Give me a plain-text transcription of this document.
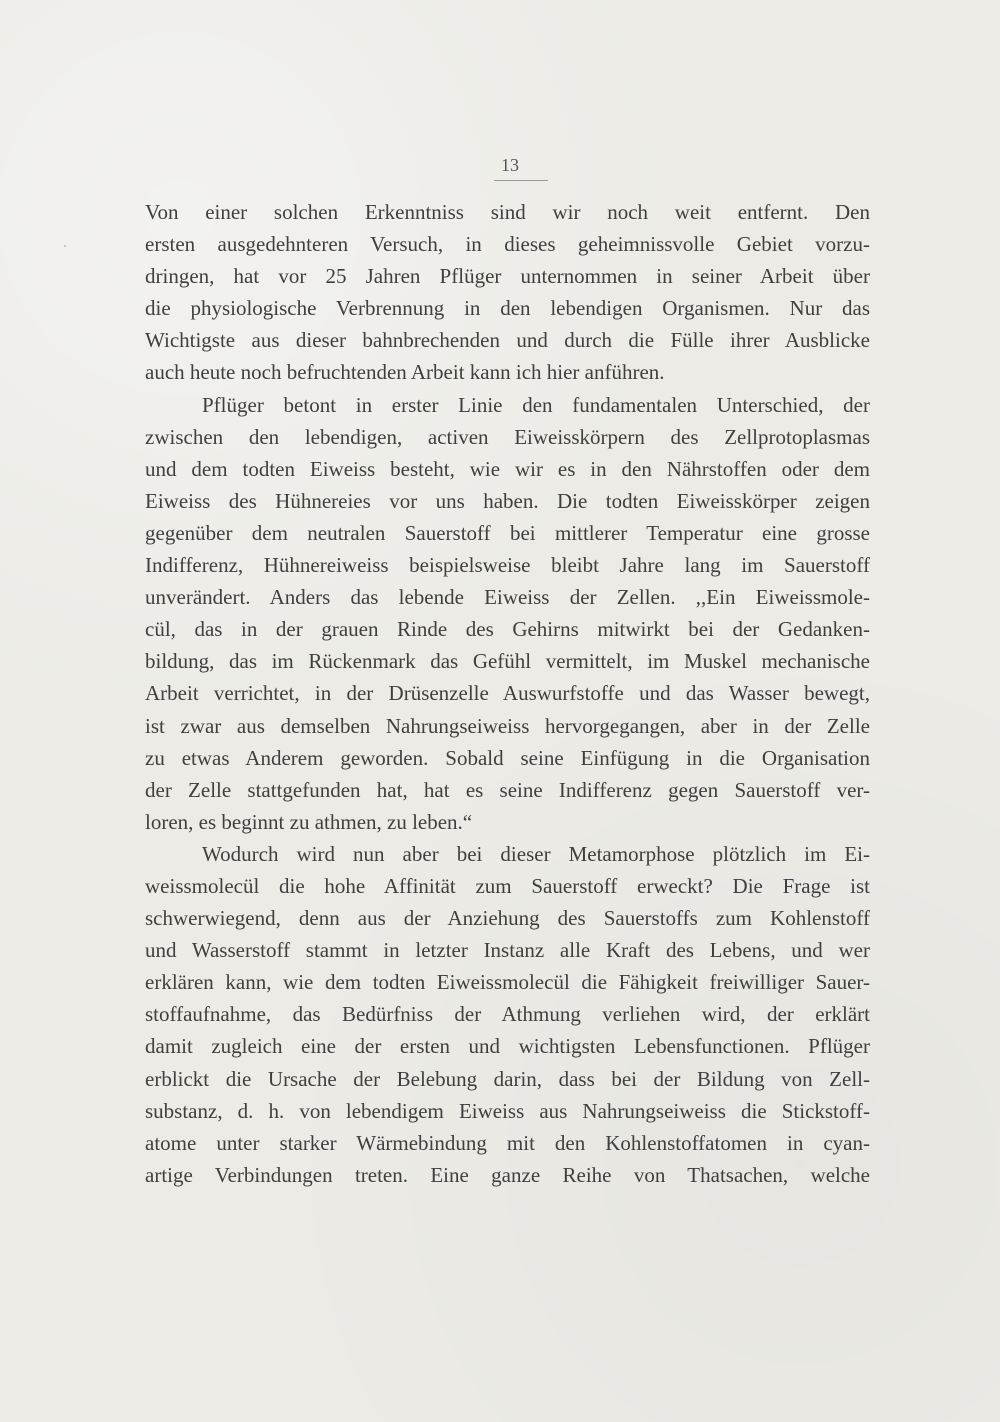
13
Von einer solchen Erkenntniss sind wir noch weit entfernt. Den
ersten ausgedehnteren Versuch, in dieses geheimnissvolle Gebiet vorzu-
dringen, hat vor 25 Jahren Pflüger unternommen in seiner Arbeit über
die physiologische Verbrennung in den lebendigen Organismen. Nur das
Wichtigste aus dieser bahnbrechenden und durch die Fülle ihrer Ausblicke
auch heute noch befruchtenden Arbeit kann ich hier anführen.
Pflüger betont in erster Linie den fundamentalen Unterschied, der
zwischen den lebendigen, activen Eiweisskörpern des Zellprotoplasmas
und dem todten Eiweiss besteht, wie wir es in den Nährstoffen oder dem
Eiweiss des Hühnereies vor uns haben. Die todten Eiweisskörper zeigen
gegenüber dem neutralen Sauerstoff bei mittlerer Temperatur eine grosse
Indifferenz, Hühnereiweiss beispielsweise bleibt Jahre lang im Sauerstoff
unverändert. Anders das lebende Eiweiss der Zellen. ,,Ein Eiweissmole-
cül, das in der grauen Rinde des Gehirns mitwirkt bei der Gedanken-
bildung, das im Rückenmark das Gefühl vermittelt, im Muskel mechanische
Arbeit verrichtet, in der Drüsenzelle Auswurfstoffe und das Wasser bewegt,
ist zwar aus demselben Nahrungseiweiss hervorgegangen, aber in der Zelle
zu etwas Anderem geworden. Sobald seine Einfügung in die Organisation
der Zelle stattgefunden hat, hat es seine Indifferenz gegen Sauerstoff ver-
loren, es beginnt zu athmen, zu leben.“
Wodurch wird nun aber bei dieser Metamorphose plötzlich im Ei-
weissmolecül die hohe Affinität zum Sauerstoff erweckt? Die Frage ist
schwerwiegend, denn aus der Anziehung des Sauerstoffs zum Kohlenstoff
und Wasserstoff stammt in letzter Instanz alle Kraft des Lebens, und wer
erklären kann, wie dem todten Eiweissmolecül die Fähigkeit freiwilliger Sauer-
stoffaufnahme, das Bedürfniss der Athmung verliehen wird, der erklärt
damit zugleich eine der ersten und wichtigsten Lebensfunctionen. Pflüger
erblickt die Ursache der Belebung darin, dass bei der Bildung von Zell-
substanz, d. h. von lebendigem Eiweiss aus Nahrungseiweiss die Stickstoff-
atome unter starker Wärmebindung mit den Kohlenstoffatomen in cyan-
artige Verbindungen treten. Eine ganze Reihe von Thatsachen, welche
